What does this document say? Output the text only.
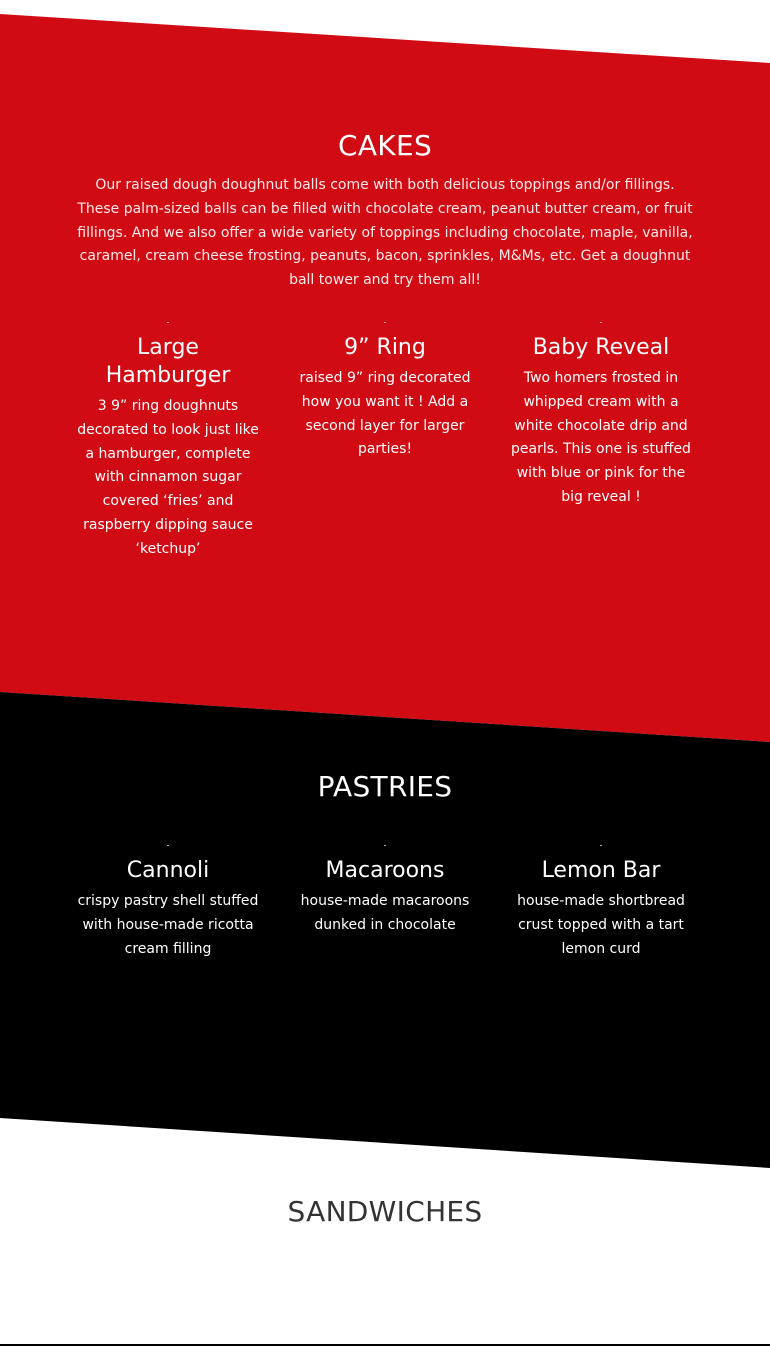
CAKES

Our raised dough doughnut balls come with both delicious toppings and/or fillings. These palm-sized balls can be filled with chocolate cream, peanut butter cream, or fruit fillings. And we also offer a wide variety of toppings including chocolate, maple, vanilla, caramel, cream cheese frosting, peanuts, bacon, sprinkles, M&Ms, etc. Get a doughnut ball tower and try them all!

Large Hamburger

3 9” ring doughnuts decorated to look just like a hamburger, complete with cinnamon sugar covered ‘fries’ and raspberry dipping sauce ‘ketchup’

9” Ring

raised 9” ring decorated how you want it ! Add a second layer for larger parties!

Baby Reveal

Two homers frosted in whipped cream with a white chocolate drip and pearls. This one is stuffed with blue or pink for the big reveal !

PASTRIES
Cannoli

crispy pastry shell stuffed with house-made ricotta cream filling

Macaroons

house-made macaroons dunked in chocolate

Lemon Bar

house-made shortbread crust topped with a tart lemon curd

SANDWICHES
